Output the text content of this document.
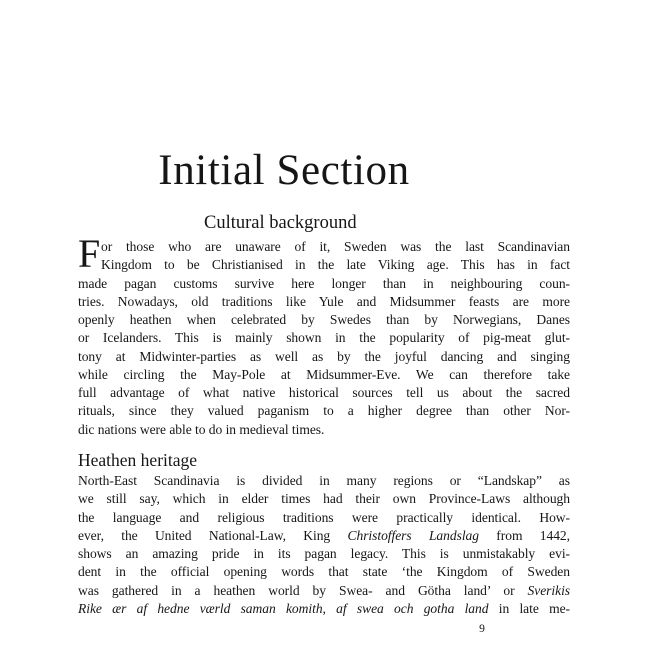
Initial Section
Cultural background
F or those who are unaware of it, Sweden was the last Scandinavian
Kingdom to be Christianised in the late Viking age. This has in fact
made pagan customs survive here longer than in neighbouring coun-
tries. Nowadays, old traditions like Yule and Midsummer feasts are more
openly heathen when celebrated by Swedes than by Norwegians, Danes
or Icelanders. This is mainly shown in the popularity of pig-meat glut-
tony at Midwinter-parties as well as by the joyful dancing and singing
while circling the May-Pole at Midsummer-Eve. We can therefore take
full advantage of what native historical sources tell us about the sacred
rituals, since they valued paganism to a higher degree than other Nor-
dic nations were able to do in medieval times.
Heathen heritage
North-East Scandinavia is divided in many regions or “Landskap” as
we still say, which in elder times had their own Province-Laws although
the language and religious traditions were practically identical. How-
ever, the United National-Law, King Christoffers Landslag from 1442,
shows an amazing pride in its pagan legacy. This is unmistakably evi-
dent in the official opening words that state ‘the Kingdom of Sweden
was gathered in a heathen world by Swea- and Götha land’ or Sverikis
Rike ær af hedne værld saman komith, af swea och gotha land in late me-
9
